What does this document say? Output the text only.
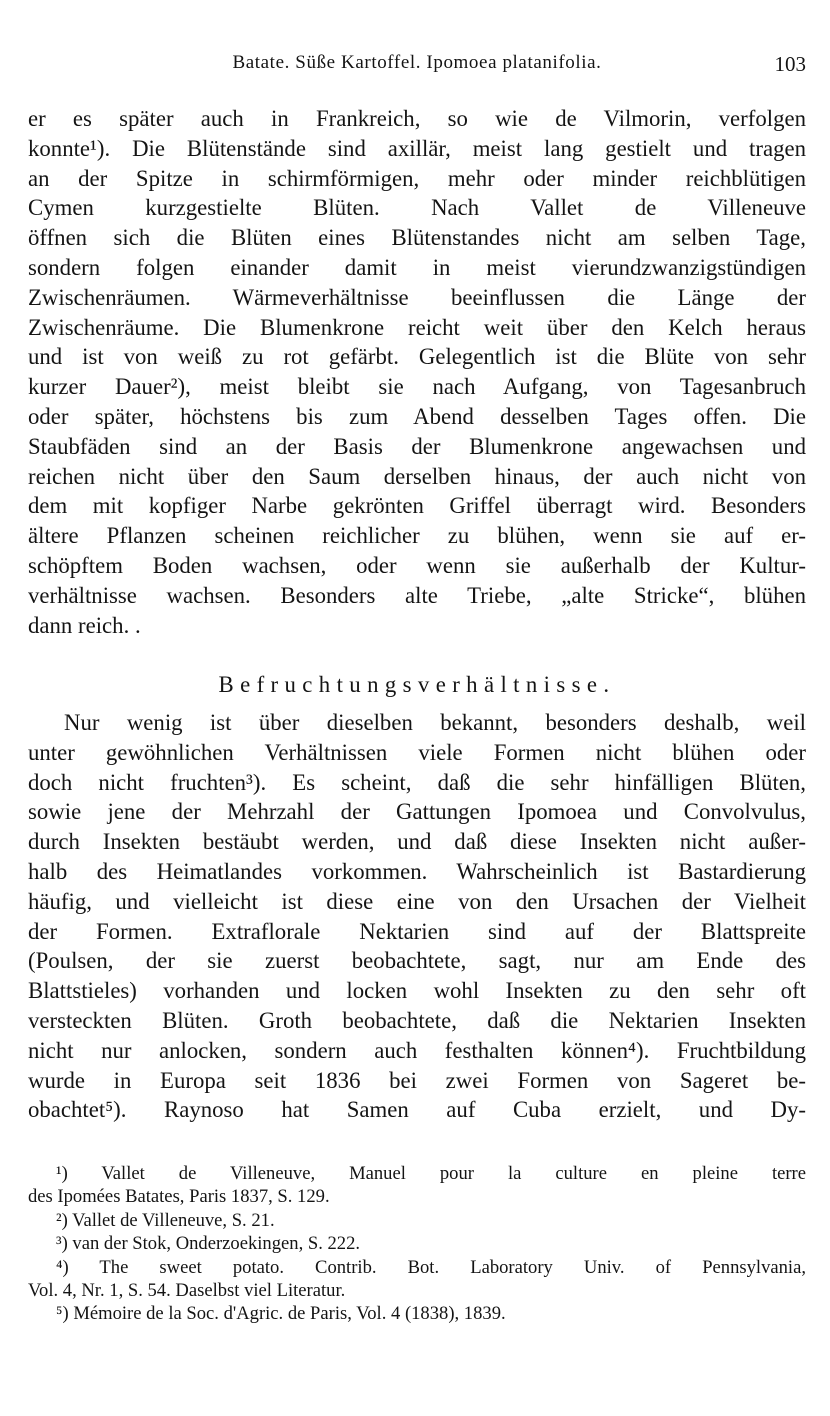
Batate. Süße Kartoffel. Ipomoea platanifolia.	103
er es später auch in Frankreich, so wie de Vilmorin, verfolgen
konnte¹). Die Blütenstände sind axillär, meist lang gestielt und tragen
an der Spitze in schirmförmigen, mehr oder minder reichblütigen
Cymen kurzgestielte Blüten. Nach Vallet de Villeneuve
öffnen sich die Blüten eines Blütenstandes nicht am selben Tage,
sondern folgen einander damit in meist vierundzwanzigstündigen
Zwischenräumen. Wärmeverhältnisse beeinflussen die Länge der
Zwischenräume. Die Blumenkrone reicht weit über den Kelch heraus
und ist von weiß zu rot gefärbt. Gelegentlich ist die Blüte von sehr
kurzer Dauer²), meist bleibt sie nach Aufgang, von Tagesanbruch
oder später, höchstens bis zum Abend desselben Tages offen. Die
Staubfäden sind an der Basis der Blumenkrone angewachsen und
reichen nicht über den Saum derselben hinaus, der auch nicht von
dem mit kopfiger Narbe gekrönten Griffel überragt wird. Besonders
ältere Pflanzen scheinen reichlicher zu blühen, wenn sie auf er-
schöpftem Boden wachsen, oder wenn sie außerhalb der Kultur-
verhältnisse wachsen. Besonders alte Triebe, „alte Stricke“, blühen
dann reich. .
Befruchtungsverhältnisse.
Nur wenig ist über dieselben bekannt, besonders deshalb, weil
unter gewöhnlichen Verhältnissen viele Formen nicht blühen oder
doch nicht fruchten³). Es scheint, daß die sehr hinfälligen Blüten,
sowie jene der Mehrzahl der Gattungen Ipomoea und Convolvulus,
durch Insekten bestäubt werden, und daß diese Insekten nicht außer-
halb des Heimatlandes vorkommen. Wahrscheinlich ist Bastardierung
häufig, und vielleicht ist diese eine von den Ursachen der Vielheit
der Formen. Extraflorale Nektarien sind auf der Blattspreite
(Poulsen, der sie zuerst beobachtete, sagt, nur am Ende des
Blattstieles) vorhanden und locken wohl Insekten zu den sehr oft
versteckten Blüten. Groth beobachtete, daß die Nektarien Insekten
nicht nur anlocken, sondern auch festhalten können⁴). Fruchtbildung
wurde in Europa seit 1836 bei zwei Formen von Sageret be-
obachtet⁵). Raynoso hat Samen auf Cuba erzielt, und Dy-
¹) Vallet de Villeneuve, Manuel pour la culture en pleine terre
des Ipomées Batates, Paris 1837, S. 129.
²) Vallet de Villeneuve, S. 21.
³) van der Stok, Onderzoekingen, S. 222.
⁴) The sweet potato. Contrib. Bot. Laboratory Univ. of Pennsylvania,
Vol. 4, Nr. 1, S. 54. Daselbst viel Literatur.
⁵) Mémoire de la Soc. d'Agric. de Paris, Vol. 4 (1838), 1839.
